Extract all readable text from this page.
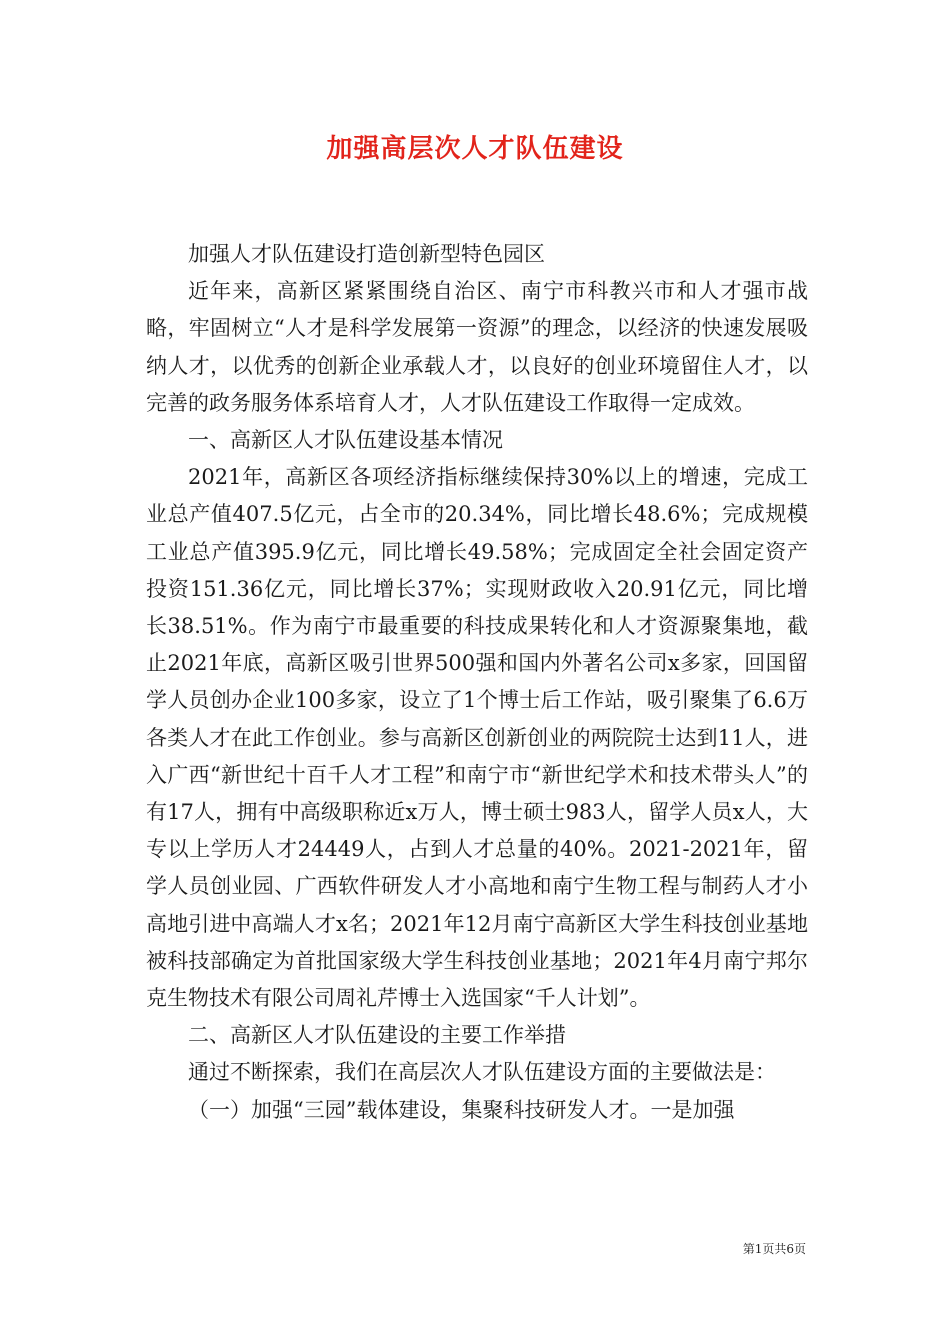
加强高层次人才队伍建设

加强人才队伍建设打造创新型特色园区

近年来，高新区紧紧围绕自治区、南宁市科教兴市和人才强市战略，牢固树立“人才是科学发展第一资源”的理念，以经济的快速发展吸纳人才，以优秀的创新企业承载人才，以良好的创业环境留住人才，以完善的政务服务体系培育人才，人才队伍建设工作取得一定成效。

一、高新区人才队伍建设基本情况

2021年，高新区各项经济指标继续保持30%以上的增速，完成工业总产值407.5亿元，占全市的20.34%，同比增长48.6%；完成规模工业总产值395.9亿元，同比增长49.58%；完成固定全社会固定资产投资151.36亿元，同比增长37%；实现财政收入20.91亿元，同比增长38.51%。作为南宁市最重要的科技成果转化和人才资源聚集地，截止2021年底，高新区吸引世界500强和国内外著名公司x多家，回国留学人员创办企业100多家，设立了1个博士后工作站，吸引聚集了6.6万各类人才在此工作创业。参与高新区创新创业的两院院士达到11人，进入广西“新世纪十百千人才工程”和南宁市“新世纪学术和技术带头人”的有17人，拥有中高级职称近x万人，博士硕士983人，留学人员x人，大专以上学历人才24449人，占到人才总量的40%。2021-2021年，留学人员创业园、广西软件研发人才小高地和南宁生物工程与制药人才小高地引进中高端人才x名；2021年12月南宁高新区大学生科技创业基地被科技部确定为首批国家级大学生科技创业基地；2021年4月南宁邦尔克生物技术有限公司周礼芹博士入选国家“千人计划”。

二、高新区人才队伍建设的主要工作举措

通过不断探索，我们在高层次人才队伍建设方面的主要做法是：

（一）加强“三园”载体建设，集聚科技研发人才。一是加强

第1页共6页
